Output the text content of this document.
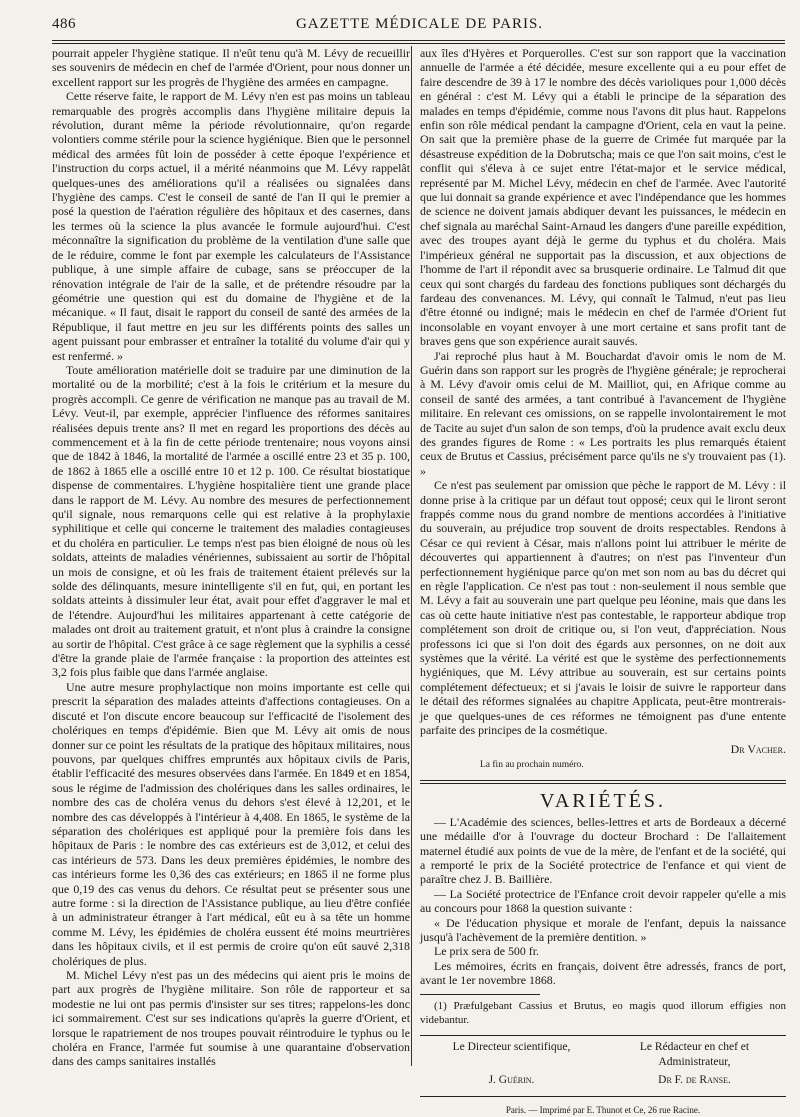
486	GAZETTE MÉDICALE DE PARIS.

pourrait appeler l'hygiène statique. Il n'eût tenu qu'à M. Lévy de recueillir ses souvenirs de médecin en chef de l'armée d'Orient, pour nous donner un excellent rapport sur les progrès de l'hygiène des armées en campagne.

Cette réserve faite, le rapport de M. Lévy n'en est pas moins un tableau remarquable des progrès accomplis dans l'hygiène militaire depuis la révolution, durant même la période révolutionnaire, qu'on regarde volontiers comme stérile pour la science hygiénique. Bien que le personnel médical des armées fût loin de posséder à cette époque l'expérience et l'instruction du corps actuel, il a mérité néanmoins que M. Lévy rappelât quelques-unes des améliorations qu'il a réalisées ou signalées dans l'hygiène des camps. C'est le conseil de santé de l'an II qui le premier a posé la question de l'aération régulière des hôpitaux et des casernes, dans les termes où la science la plus avancée le formule aujourd'hui. C'est méconnaître la signification du problème de la ventilation d'une salle que de le réduire, comme le font par exemple les calculateurs de l'Assistance publique, à une simple affaire de cubage, sans se préoccuper de la rénovation intégrale de l'air de la salle, et de prétendre résoudre par la géométrie une question qui est du domaine de l'hygiène et de la mécanique. « Il faut, disait le rapport du conseil de santé des armées de la République, il faut mettre en jeu sur les différents points des salles un agent puissant pour embrasser et entraîner la totalité du volume d'air qui y est renfermé. »

Toute amélioration matérielle doit se traduire par une diminution de la mortalité ou de la morbilité; c'est à la fois le critérium et la mesure du progrès accompli. Ce genre de vérification ne manque pas au travail de M. Lévy. Veut-il, par exemple, apprécier l'influence des réformes sanitaires réalisées depuis trente ans? Il met en regard les proportions des décès au commencement et à la fin de cette période trentenaire; nous voyons ainsi que de 1842 à 1846, la mortalité de l'armée a oscillé entre 23 et 35 p. 100, de 1862 à 1865 elle a oscillé entre 10 et 12 p. 100. Ce résultat biostatique dispense de commentaires. L'hygiène hospitalière tient une grande place dans le rapport de M. Lévy. Au nombre des mesures de perfectionnement qu'il signale, nous remarquons celle qui est relative à la prophylaxie syphilitique et celle qui concerne le traitement des maladies contagieuses et du choléra en particulier. Le temps n'est pas bien éloigné de nous où les soldats, atteints de maladies vénériennes, subissaient au sortir de l'hôpital un mois de consigne, et où les frais de traitement étaient prélevés sur la solde des délinquants, mesure inintelligente s'il en fut, qui, en portant les soldats atteints à dissimuler leur état, avait pour effet d'aggraver le mal et de l'étendre. Aujourd'hui les militaires appartenant à cette catégorie de malades ont droit au traitement gratuit, et n'ont plus à craindre la consigne au sortir de l'hôpital. C'est grâce à ce sage règlement que la syphilis a cessé d'être la grande plaie de l'armée française : la proportion des atteintes est 3,2 fois plus faible que dans l'armée anglaise.

Une autre mesure prophylactique non moins importante est celle qui prescrit la séparation des malades atteints d'affections contagieuses. On a discuté et l'on discute encore beaucoup sur l'efficacité de l'isolement des cholériques en temps d'épidémie. Bien que M. Lévy ait omis de nous donner sur ce point les résultats de la pratique des hôpitaux militaires, nous pouvons, par quelques chiffres empruntés aux hôpitaux civils de Paris, établir l'efficacité des mesures observées dans l'armée. En 1849 et en 1854, sous le régime de l'admission des cholériques dans les salles ordinaires, le nombre des cas de choléra venus du dehors s'est élevé à 12,201, et le nombre des cas développés à l'intérieur à 4,408. En 1865, le système de la séparation des cholériques est appliqué pour la première fois dans les hôpitaux de Paris : le nombre des cas extérieurs est de 3,012, et celui des cas intérieurs de 573. Dans les deux premières épidémies, le nombre des cas intérieurs forme les 0,36 des cas extérieurs; en 1865 il ne forme plus que 0,19 des cas venus du dehors. Ce résultat peut se présenter sous une autre forme : si la direction de l'Assistance publique, au lieu d'être confiée à un administrateur étranger à l'art médical, eût eu à sa tête un homme comme M. Lévy, les épidémies de choléra eussent été moins meurtrières dans les hôpitaux civils, et il est permis de croire qu'on eût sauvé 2,318 cholériques de plus.

M. Michel Lévy n'est pas un des médecins qui aient pris le moins de part aux progrès de l'hygiène militaire. Son rôle de rapporteur et sa modestie ne lui ont pas permis d'insister sur ses titres; rappelons-les donc ici sommairement. C'est sur ses indications qu'après la guerre d'Orient, et lorsque le rapatriement de nos troupes pouvait réintroduire le typhus ou le choléra en France, l'armée fut soumise à une quarantaine d'observation dans des camps sanitaires installés

aux îles d'Hyères et Porquerolles. C'est sur son rapport que la vaccination annuelle de l'armée a été décidée, mesure excellente qui a eu pour effet de faire descendre de 39 à 17 le nombre des décès varioliques pour 1,000 décès en général : c'est M. Lévy qui a établi le principe de la séparation des malades en temps d'épidémie, comme nous l'avons dit plus haut. Rappelons enfin son rôle médical pendant la campagne d'Orient, cela en vaut la peine. On sait que la première phase de la guerre de Crimée fut marquée par la désastreuse expédition de la Dobrutscha; mais ce que l'on sait moins, c'est le conflit qui s'éleva à ce sujet entre l'état-major et le service médical, représenté par M. Michel Lévy, médecin en chef de l'armée. Avec l'autorité que lui donnait sa grande expérience et avec l'indépendance que les hommes de science ne doivent jamais abdiquer devant les puissances, le médecin en chef signala au maréchal Saint-Arnaud les dangers d'une pareille expédition, avec des troupes ayant déjà le germe du typhus et du choléra. Mais l'impérieux général ne supportait pas la discussion, et aux objections de l'homme de l'art il répondit avec sa brusquerie ordinaire. Le Talmud dit que ceux qui sont chargés du fardeau des fonctions publiques sont déchargés du fardeau des convenances. M. Lévy, qui connaît le Talmud, n'eut pas lieu d'être étonné ou indigné; mais le médecin en chef de l'armée d'Orient fut inconsolable en voyant envoyer à une mort certaine et sans profit tant de braves gens que son expérience aurait sauvés.

J'ai reproché plus haut à M. Bouchardat d'avoir omis le nom de M. Guérin dans son rapport sur les progrès de l'hygiène générale; je reprocherai à M. Lévy d'avoir omis celui de M. Mailliot, qui, en Afrique comme au conseil de santé des armées, a tant contribué à l'avancement de l'hygiène militaire. En relevant ces omissions, on se rappelle involontairement le mot de Tacite au sujet d'un salon de son temps, d'où la prudence avait exclu deux des grandes figures de Rome : « Les portraits les plus remarqués étaient ceux de Brutus et Cassius, précisément parce qu'ils ne s'y trouvaient pas (1). »

Ce n'est pas seulement par omission que pèche le rapport de M. Lévy : il donne prise à la critique par un défaut tout opposé; ceux qui le liront seront frappés comme nous du grand nombre de mentions accordées à l'initiative du souverain, au préjudice trop souvent de droits respectables. Rendons à César ce qui revient à César, mais n'allons point lui attribuer le mérite de découvertes qui appartiennent à d'autres; on n'est pas l'inventeur d'un perfectionnement hygiénique parce qu'on met son nom au bas du décret qui en règle l'application. Ce n'est pas tout : non-seulement il nous semble que M. Lévy a fait au souverain une part quelque peu léonine, mais que dans les cas où cette haute initiative n'est pas contestable, le rapporteur abdique trop complétement son droit de critique ou, si l'on veut, d'appréciation. Nous professons ici que si l'on doit des égards aux personnes, on ne doit aux systèmes que la vérité. La vérité est que le système des perfectionnements hygiéniques, que M. Lévy attribue au souverain, est sur certains points complétement défectueux; et si j'avais le loisir de suivre le rapporteur dans le détail des réformes signalées au chapitre Applicata, peut-être montrerais-je que quelques-unes de ces réformes ne témoignent pas d'une entente parfaite des principes de la cosmétique.

Dr Vacher.

La fin au prochain numéro.

VARIÉTÉS.

— L'Académie des sciences, belles-lettres et arts de Bordeaux a décerné une médaille d'or à l'ouvrage du docteur Brochard : De l'allaitement maternel étudié aux points de vue de la mère, de l'enfant et de la société, qui a remporté le prix de la Société protectrice de l'enfance et qui vient de paraître chez J. B. Baillière.

— La Société protectrice de l'Enfance croit devoir rappeler qu'elle a mis au concours pour 1868 la question suivante :

« De l'éducation physique et morale de l'enfant, depuis la naissance jusqu'à l'achèvement de la première dentition. »

Le prix sera de 500 fr.

Les mémoires, écrits en français, doivent être adressés, francs de port, avant le 1er novembre 1868.

(1) Præfulgebant Cassius et Brutus, eo magis quod illorum effigies non videbantur.

Le Directeur scientifique,	Le Rédacteur en chef et Administrateur,
J. Guérin.	Dr F. de Ranse.
Paris. — Imprimé par E. Thunot et Ce, 26 rue Racine.
